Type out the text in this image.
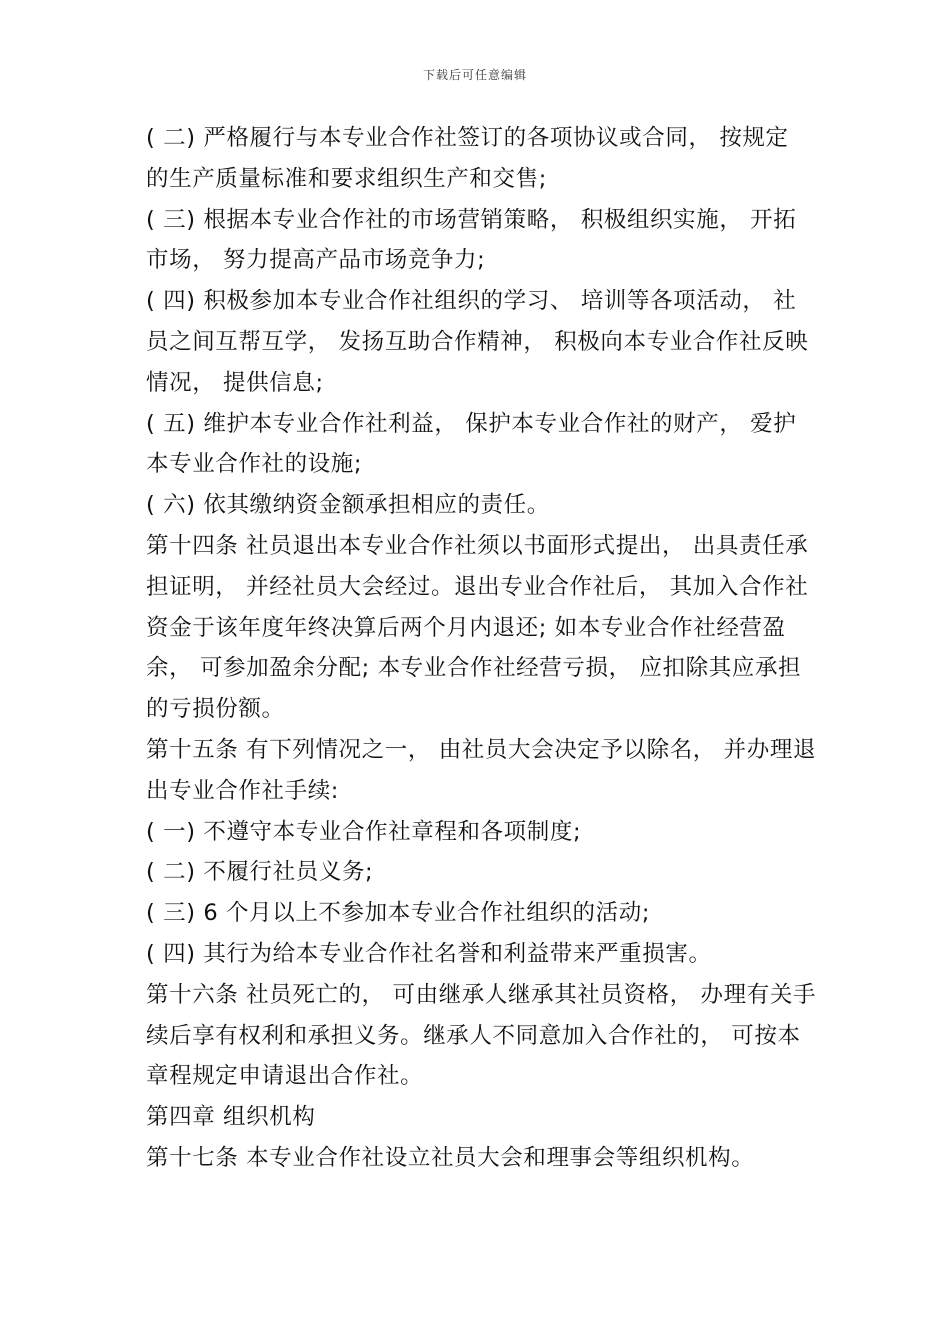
下载后可任意编辑
( 二) 严格履行与本专业合作社签订的各项协议或合同， 按规定
的生产质量标准和要求组织生产和交售;
( 三) 根据本专业合作社的市场营销策略， 积极组织实施， 开拓
市场， 努力提高产品市场竞争力;
( 四) 积极参加本专业合作社组织的学习、 培训等各项活动， 社
员之间互帮互学， 发扬互助合作精神， 积极向本专业合作社反映
情况， 提供信息;
( 五) 维护本专业合作社利益， 保护本专业合作社的财产， 爱护
本专业合作社的设施;
( 六) 依其缴纳资金额承担相应的责任。
第十四条 社员退出本专业合作社须以书面形式提出， 出具责任承
担证明， 并经社员大会经过。退出专业合作社后， 其加入合作社
资金于该年度年终决算后两个月内退还; 如本专业合作社经营盈
余， 可参加盈余分配; 本专业合作社经营亏损， 应扣除其应承担
的亏损份额。
第十五条 有下列情况之一， 由社员大会决定予以除名， 并办理退
出专业合作社手续:
( 一) 不遵守本专业合作社章程和各项制度;
( 二) 不履行社员义务;
( 三) 6 个月以上不参加本专业合作社组织的活动;
( 四) 其行为给本专业合作社名誉和利益带来严重损害。
第十六条 社员死亡的， 可由继承人继承其社员资格， 办理有关手
续后享有权利和承担义务。继承人不同意加入合作社的， 可按本
章程规定申请退出合作社。
第四章 组织机构
第十七条 本专业合作社设立社员大会和理事会等组织机构。
